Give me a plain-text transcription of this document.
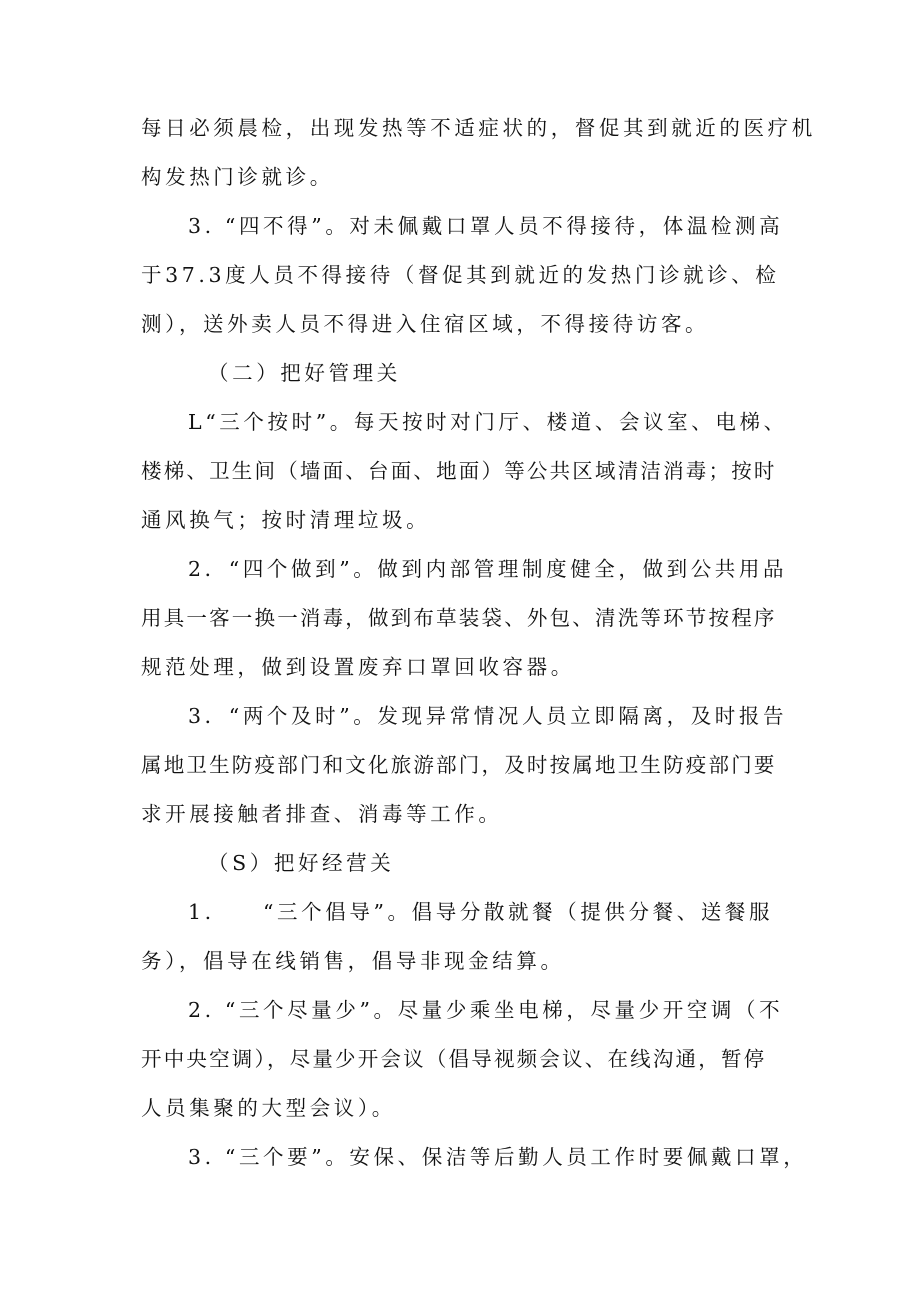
每日必须晨检，出现发热等不适症状的，督促其到就近的医疗机
构发热门诊就诊。
3. “四不得”。对未佩戴口罩人员不得接待，体温检测高
于37.3度人员不得接待（督促其到就近的发热门诊就诊、检
测），送外卖人员不得进入住宿区域，不得接待访客。
（二）把好管理关
L“三个按时”。每天按时对门厅、楼道、会议室、电梯、
楼梯、卫生间（墙面、台面、地面）等公共区域清洁消毒；按时
通风换气；按时清理垃圾。
2．“四个做到”。做到内部管理制度健全，做到公共用品
用具一客一换一消毒，做到布草装袋、外包、清洗等环节按程序
规范处理，做到设置废弃口罩回收容器。
3．“两个及时”。发现异常情况人员立即隔离，及时报告
属地卫生防疫部门和文化旅游部门，及时按属地卫生防疫部门要
求开展接触者排查、消毒等工作。
（S）把好经营关
1.　　“三个倡导”。倡导分散就餐（提供分餐、送餐服
务），倡导在线销售，倡导非现金结算。
2. “三个尽量少”。尽量少乘坐电梯，尽量少开空调（不
开中央空调），尽量少开会议（倡导视频会议、在线沟通，暂停
人员集聚的大型会议）。
3. “三个要”。安保、保洁等后勤人员工作时要佩戴口罩，
